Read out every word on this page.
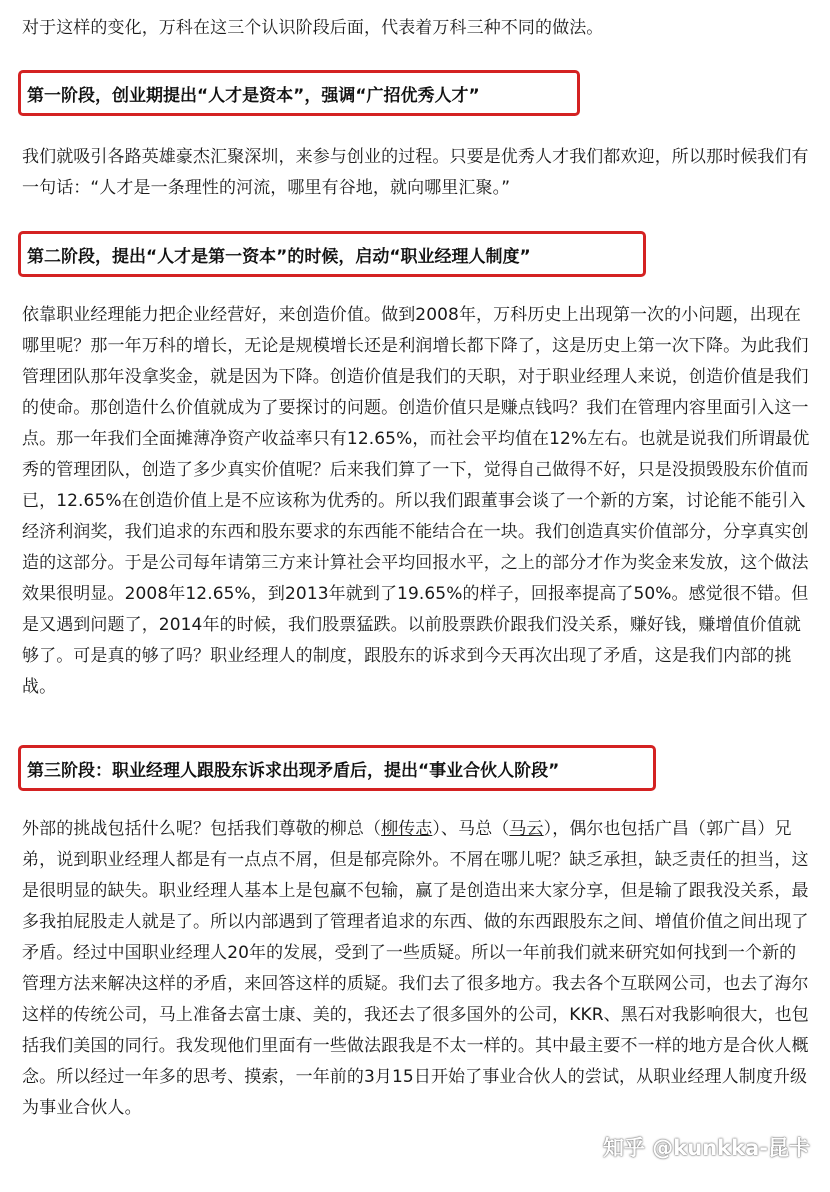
对于这样的变化，万科在这三个认识阶段后面，代表着万科三种不同的做法。

第一阶段，创业期提出“人才是资本”，强调“广招优秀人才”

我们就吸引各路英雄豪杰汇聚深圳，来参与创业的过程。只要是优秀人才我们都欢迎，所以那时候我们有一句话：“人才是一条理性的河流，哪里有谷地，就向哪里汇聚。”

第二阶段，提出“人才是第一资本”的时候，启动“职业经理人制度”

依靠职业经理能力把企业经营好，来创造价值。做到2008年，万科历史上出现第一次的小问题，出现在哪里呢？那一年万科的增长，无论是规模增长还是利润增长都下降了，这是历史上第一次下降。为此我们管理团队那年没拿奖金，就是因为下降。创造价值是我们的天职，对于职业经理人来说，创造价值是我们的使命。那创造什么价值就成为了要探讨的问题。创造价值只是赚点钱吗？我们在管理内容里面引入这一点。那一年我们全面摊薄净资产收益率只有12.65%，而社会平均值在12%左右。也就是说我们所谓最优秀的管理团队，创造了多少真实价值呢？后来我们算了一下，觉得自己做得不好，只是没损毁股东价值而已，12.65%在创造价值上是不应该称为优秀的。所以我们跟董事会谈了一个新的方案，讨论能不能引入经济利润奖，我们追求的东西和股东要求的东西能不能结合在一块。我们创造真实价值部分，分享真实创造的这部分。于是公司每年请第三方来计算社会平均回报水平，之上的部分才作为奖金来发放，这个做法效果很明显。2008年12.65%，到2013年就到了19.65%的样子，回报率提高了50%。感觉很不错。但是又遇到问题了，2014年的时候，我们股票猛跌。以前股票跌价跟我们没关系，赚好钱，赚增值价值就够了。可是真的够了吗？职业经理人的制度，跟股东的诉求到今天再次出现了矛盾，这是我们内部的挑战。

第三阶段：职业经理人跟股东诉求出现矛盾后，提出“事业合伙人阶段”

外部的挑战包括什么呢？包括我们尊敬的柳总（柳传志）、马总（马云），偶尔也包括广昌（郭广昌）兄弟，说到职业经理人都是有一点点不屑，但是郁亮除外。不屑在哪儿呢？缺乏承担，缺乏责任的担当，这是很明显的缺失。职业经理人基本上是包赢不包输，赢了是创造出来大家分享，但是输了跟我没关系，最多我拍屁股走人就是了。所以内部遇到了管理者追求的东西、做的东西跟股东之间、增值价值之间出现了矛盾。经过中国职业经理人20年的发展，受到了一些质疑。所以一年前我们就来研究如何找到一个新的管理方法来解决这样的矛盾，来回答这样的质疑。我们去了很多地方。我去各个互联网公司，也去了海尔这样的传统公司，马上准备去富士康、美的，我还去了很多国外的公司，KKR、黑石对我影响很大，也包括我们美国的同行。我发现他们里面有一些做法跟我是不太一样的。其中最主要不一样的地方是合伙人概念。所以经过一年多的思考、摸索，一年前的3月15日开始了事业合伙人的尝试，从职业经理人制度升级为事业合伙人。

知乎 @kunkka-昆卡
